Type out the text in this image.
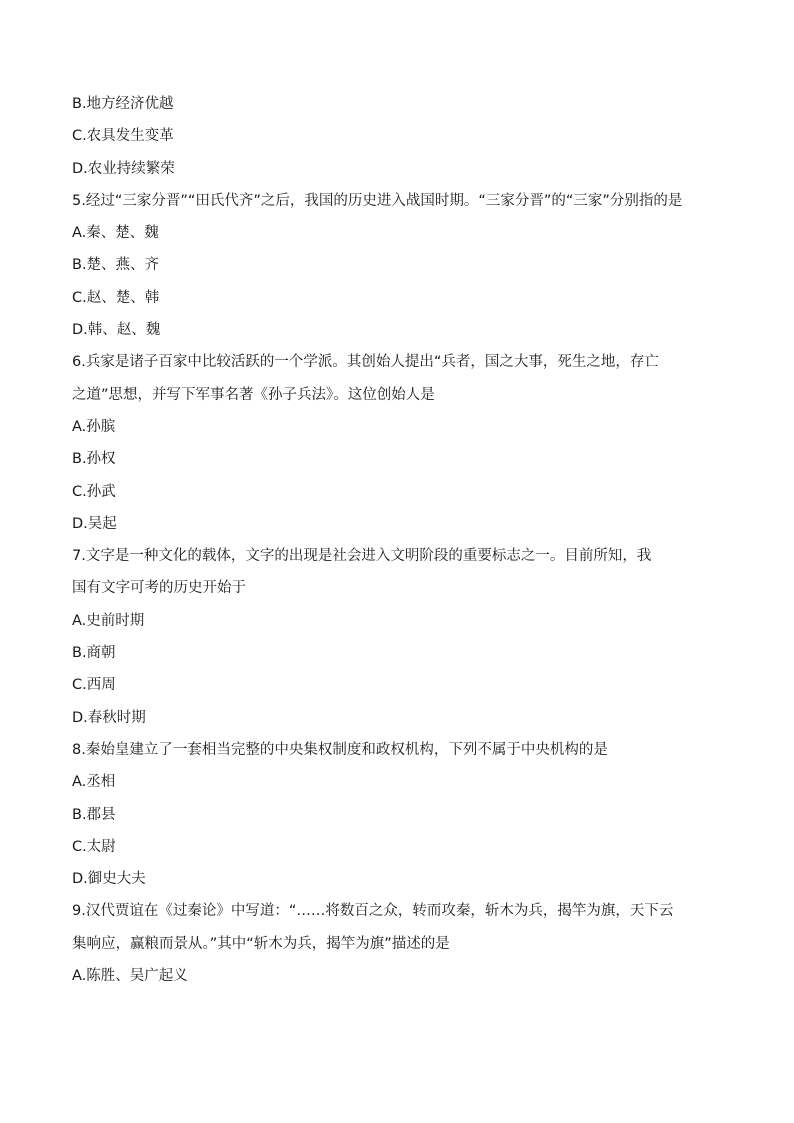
B.地方经济优越
C.农具发生变革
D.农业持续繁荣
5.经过“三家分晋”“田氏代齐”之后，我国的历史进入战国时期。“三家分晋”的“三家”分别指的是
A.秦、楚、魏
B.楚、燕、齐
C.赵、楚、韩
D.韩、赵、魏
6.兵家是诸子百家中比较活跃的一个学派。其创始人提出“兵者，国之大事，死生之地，存亡
之道”思想，并写下军事名著《孙子兵法》。这位创始人是
A.孙膑
B.孙权
C.孙武
D.吴起
7.文字是一种文化的载体，文字的出现是社会进入文明阶段的重要标志之一。目前所知，我
国有文字可考的历史开始于
A.史前时期
B.商朝
C.西周
D.春秋时期
8.秦始皇建立了一套相当完整的中央集权制度和政权机构，下列不属于中央机构的是
A.丞相
B.郡县
C.太尉
D.御史大夫
9.汉代贾谊在《过秦论》中写道：“……将数百之众，转而攻秦，斩木为兵，揭竿为旗，天下云
集响应，赢粮而景从。”其中“斩木为兵，揭竿为旗”描述的是
A.陈胜、吴广起义
